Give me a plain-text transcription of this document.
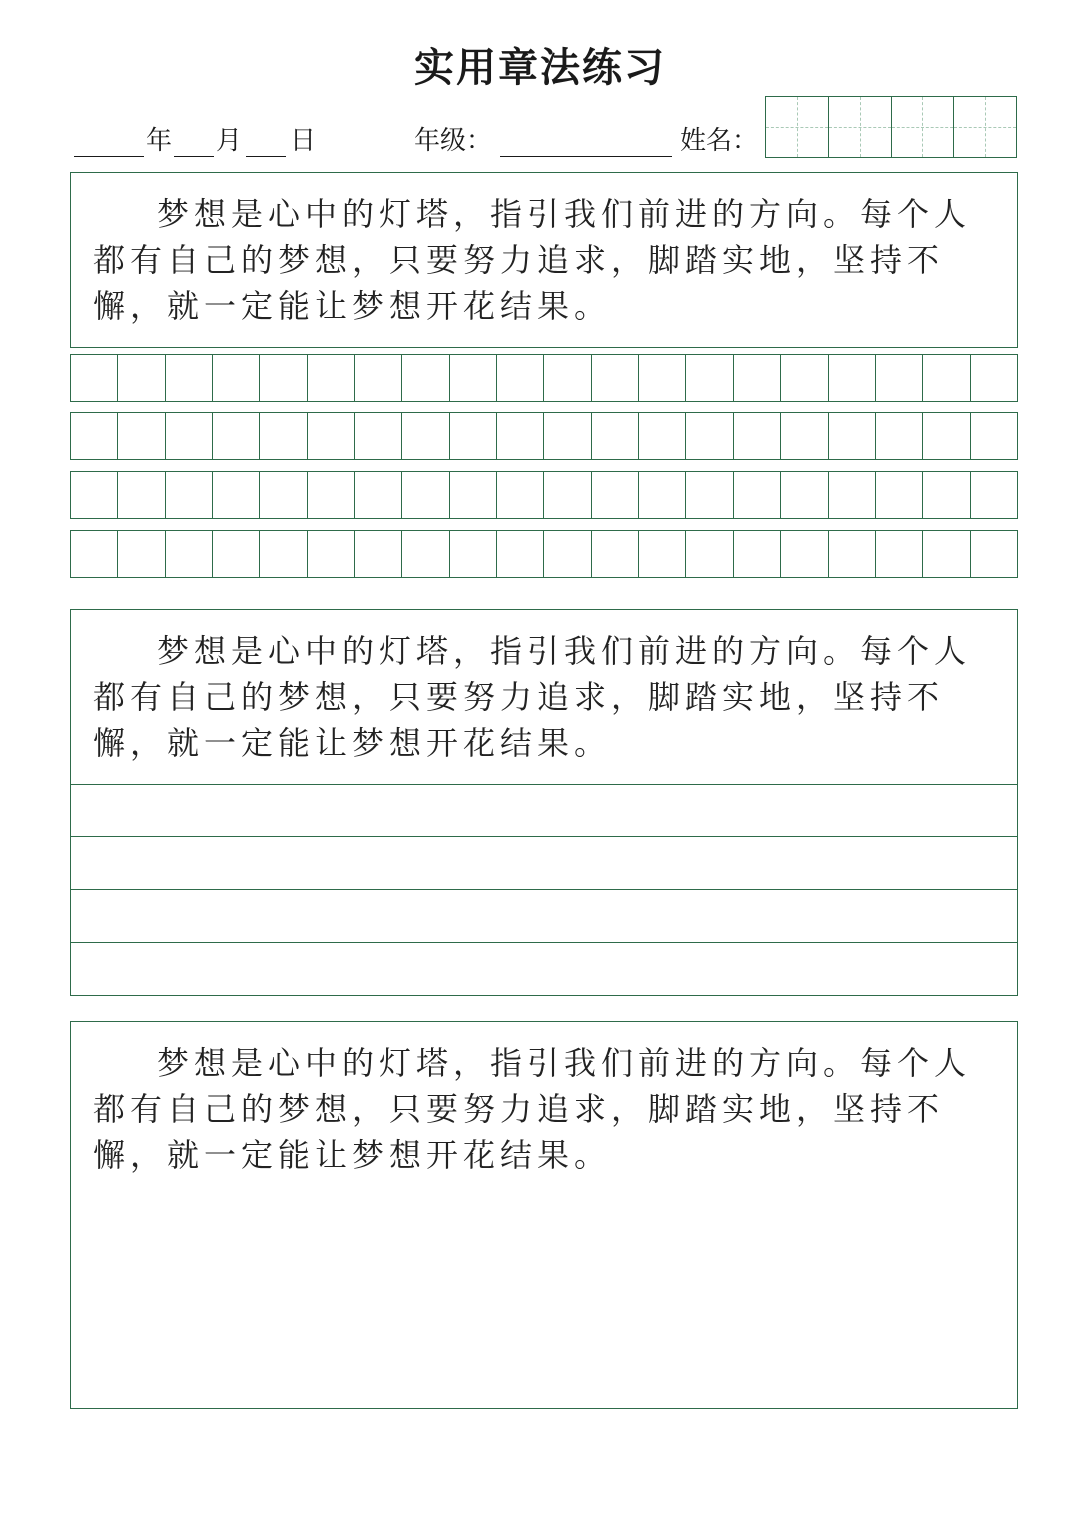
实用章法练习
年 月 日	年级：	姓名：

梦想是心中的灯塔，指引我们前进的方向。每个人都有自己的梦想，只要努力追求，脚踏实地，坚持不懈，就一定能让梦想开花结果。

梦想是心中的灯塔，指引我们前进的方向。每个人都有自己的梦想，只要努力追求，脚踏实地，坚持不懈，就一定能让梦想开花结果。

梦想是心中的灯塔，指引我们前进的方向。每个人都有自己的梦想，只要努力追求，脚踏实地，坚持不懈，就一定能让梦想开花结果。
